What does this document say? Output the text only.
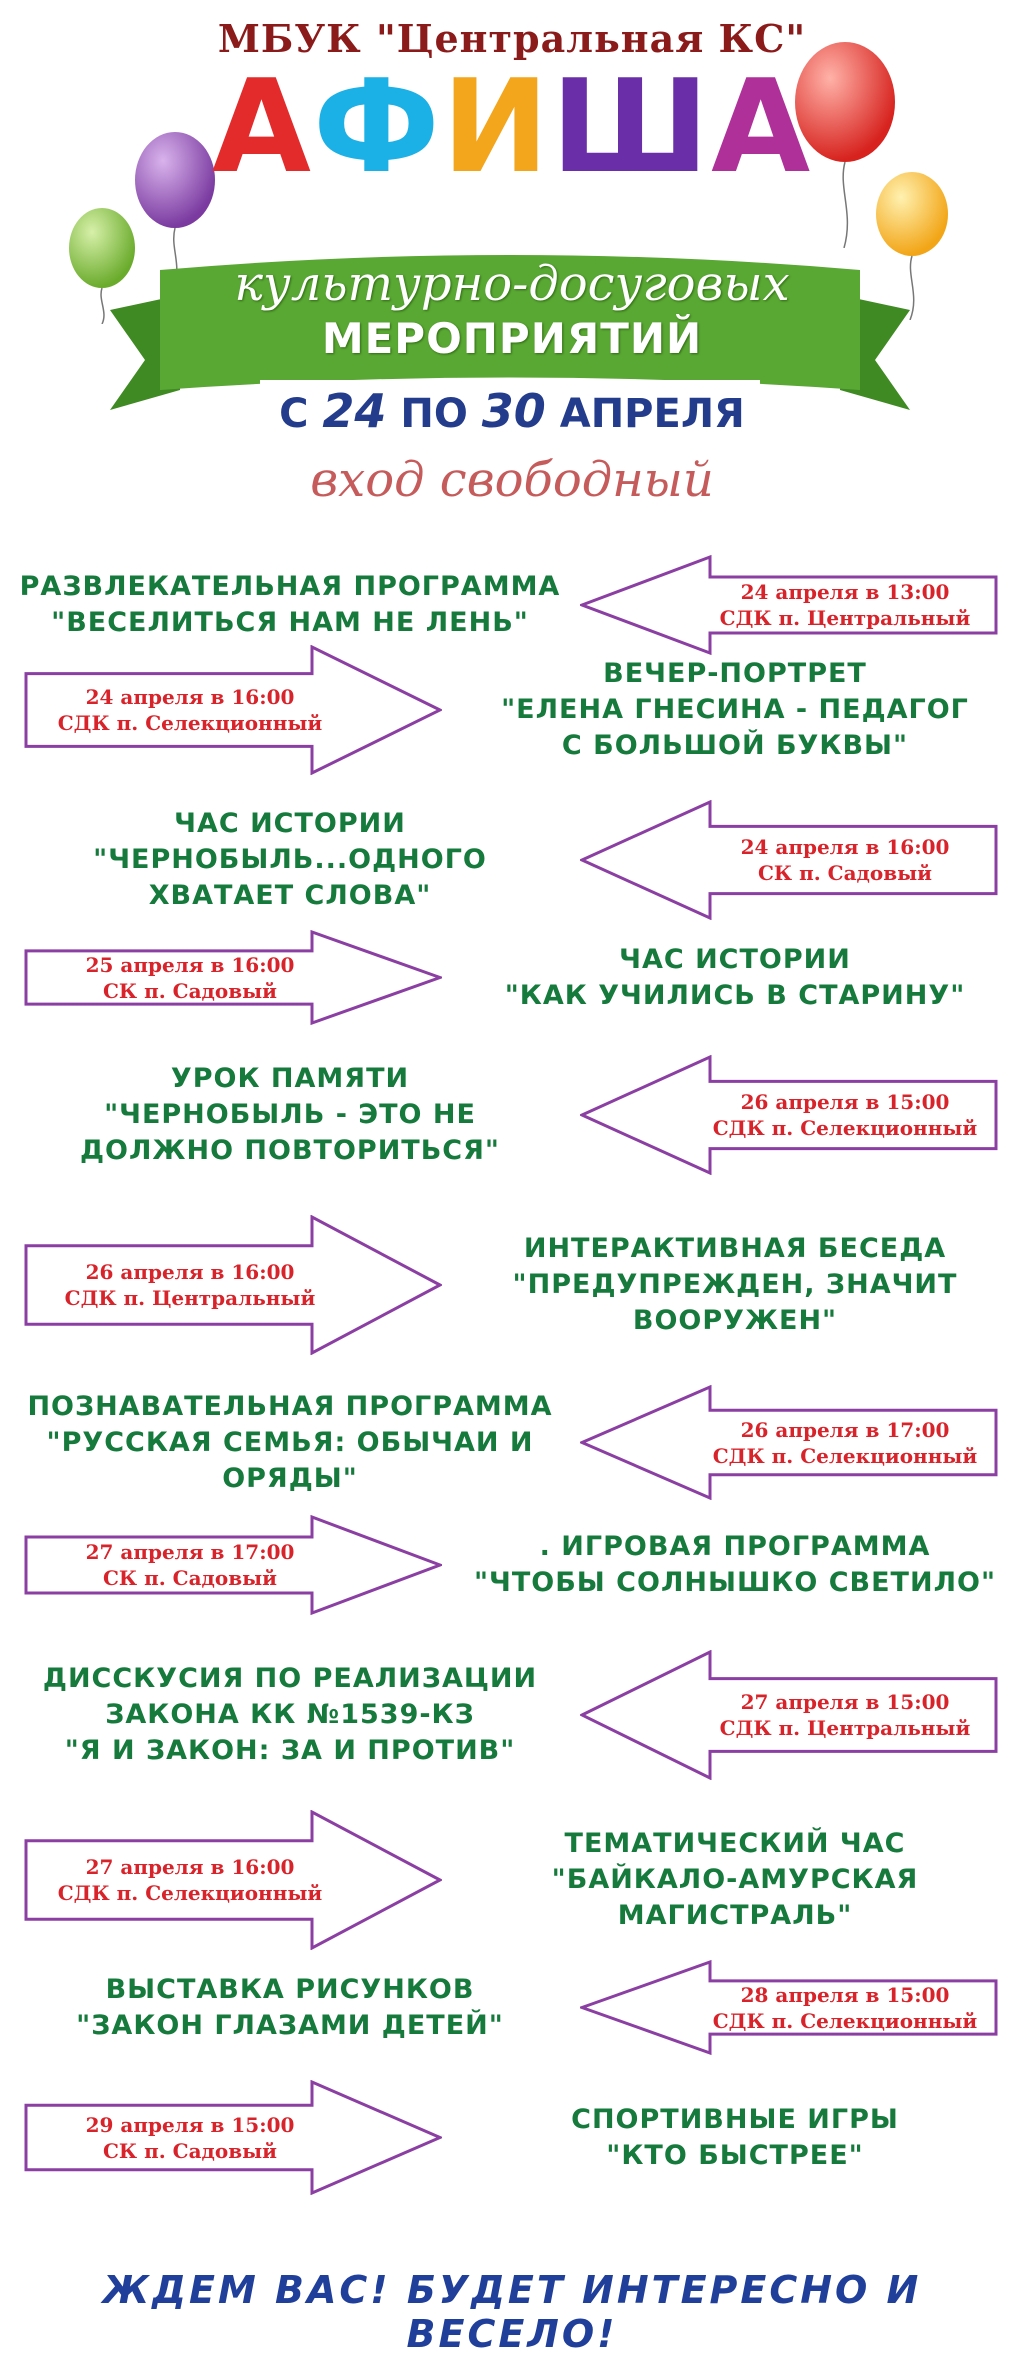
МБУК "Центральная КС"
АФИША
культурно-досуговых
МЕРОПРИЯТИЙ
С 24 ПО 30 АПРЕЛЯ
вход свободный
24 апреля в 13:00
СДК п. Центральный
РАЗВЛЕКАТЕЛЬНАЯ ПРОГРАММА
"ВЕСЕЛИТЬСЯ НАМ НЕ ЛЕНЬ"
24 апреля в 16:00
СДК п. Селекционный
ВЕЧЕР-ПОРТРЕТ
"ЕЛЕНА ГНЕСИНА - ПЕДАГОГ
С БОЛЬШОЙ БУКВЫ"
24 апреля в 16:00
СК п. Садовый
ЧАС ИСТОРИИ
"ЧЕРНОБЫЛЬ...ОДНОГО
ХВАТАЕТ СЛОВА"
25 апреля в 16:00
СК п. Садовый
ЧАС ИСТОРИИ
"КАК УЧИЛИСЬ В СТАРИНУ"
26 апреля в 15:00
СДК п. Селекционный
УРОК ПАМЯТИ
"ЧЕРНОБЫЛЬ - ЭТО НЕ
ДОЛЖНО ПОВТОРИТЬСЯ"
26 апреля в 16:00
СДК п. Центральный
ИНТЕРАКТИВНАЯ БЕСЕДА
"ПРЕДУПРЕЖДЕН, ЗНАЧИТ
ВООРУЖЕН"
26 апреля в 17:00
СДК п. Селекционный
ПОЗНАВАТЕЛЬНАЯ ПРОГРАММА
"РУССКАЯ СЕМЬЯ: ОБЫЧАИ И
ОРЯДЫ"
27 апреля в 17:00
СК п. Садовый
. ИГРОВАЯ ПРОГРАММА
"ЧТОБЫ СОЛНЫШКО СВЕТИЛО"
27 апреля в 15:00
СДК п. Центральный
ДИССКУСИЯ ПО РЕАЛИЗАЦИИ
ЗАКОНА КК №1539-КЗ
"Я И ЗАКОН: ЗА И ПРОТИВ"
27 апреля в 16:00
СДК п. Селекционный
ТЕМАТИЧЕСКИЙ ЧАС
"БАЙКАЛО-АМУРСКАЯ
МАГИСТРАЛЬ"
28 апреля в 15:00
СДК п. Селекционный
ВЫСТАВКА РИСУНКОВ
"ЗАКОН ГЛАЗАМИ ДЕТЕЙ"
29 апреля в 15:00
СК п. Садовый
СПОРТИВНЫЕ ИГРЫ
"КТО БЫСТРЕЕ"
ЖДЕМ ВАС! БУДЕТ ИНТЕРЕСНО И ВЕСЕЛО!
